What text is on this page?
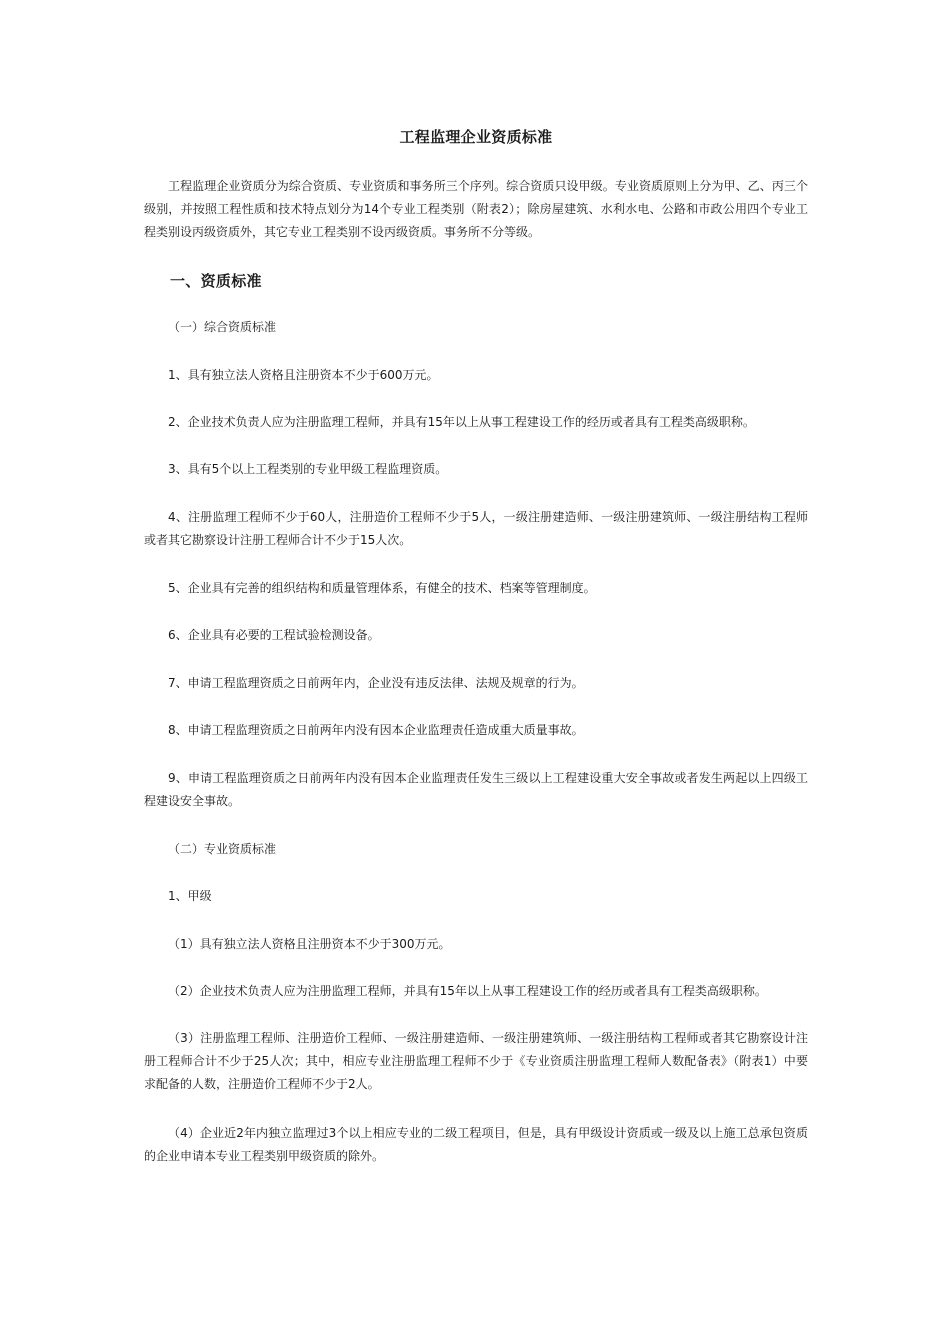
工程监理企业资质标准
工程监理企业资质分为综合资质、专业资质和事务所三个序列。综合资质只设甲级。专业资质原则上分为甲、乙、丙三个级别，并按照工程性质和技术特点划分为14个专业工程类别（附表2）；除房屋建筑、水利水电、公路和市政公用四个专业工程类别设丙级资质外，其它专业工程类别不设丙级资质。事务所不分等级。
一、资质标准
（一）综合资质标准
1、具有独立法人资格且注册资本不少于600万元。
2、企业技术负责人应为注册监理工程师，并具有15年以上从事工程建设工作的经历或者具有工程类高级职称。
3、具有5个以上工程类别的专业甲级工程监理资质。
4、注册监理工程师不少于60人，注册造价工程师不少于5人，一级注册建造师、一级注册建筑师、一级注册结构工程师或者其它勘察设计注册工程师合计不少于15人次。
5、企业具有完善的组织结构和质量管理体系，有健全的技术、档案等管理制度。
6、企业具有必要的工程试验检测设备。
7、申请工程监理资质之日前两年内，企业没有违反法律、法规及规章的行为。
8、申请工程监理资质之日前两年内没有因本企业监理责任造成重大质量事故。
9、申请工程监理资质之日前两年内没有因本企业监理责任发生三级以上工程建设重大安全事故或者发生两起以上四级工程建设安全事故。
（二）专业资质标准
1、甲级
（1）具有独立法人资格且注册资本不少于300万元。
（2）企业技术负责人应为注册监理工程师，并具有15年以上从事工程建设工作的经历或者具有工程类高级职称。
（3）注册监理工程师、注册造价工程师、一级注册建造师、一级注册建筑师、一级注册结构工程师或者其它勘察设计注册工程师合计不少于25人次；其中，相应专业注册监理工程师不少于《专业资质注册监理工程师人数配备表》（附表1）中要求配备的人数，注册造价工程师不少于2人。
（4）企业近2年内独立监理过3个以上相应专业的二级工程项目，但是，具有甲级设计资质或一级及以上施工总承包资质的企业申请本专业工程类别甲级资质的除外。
